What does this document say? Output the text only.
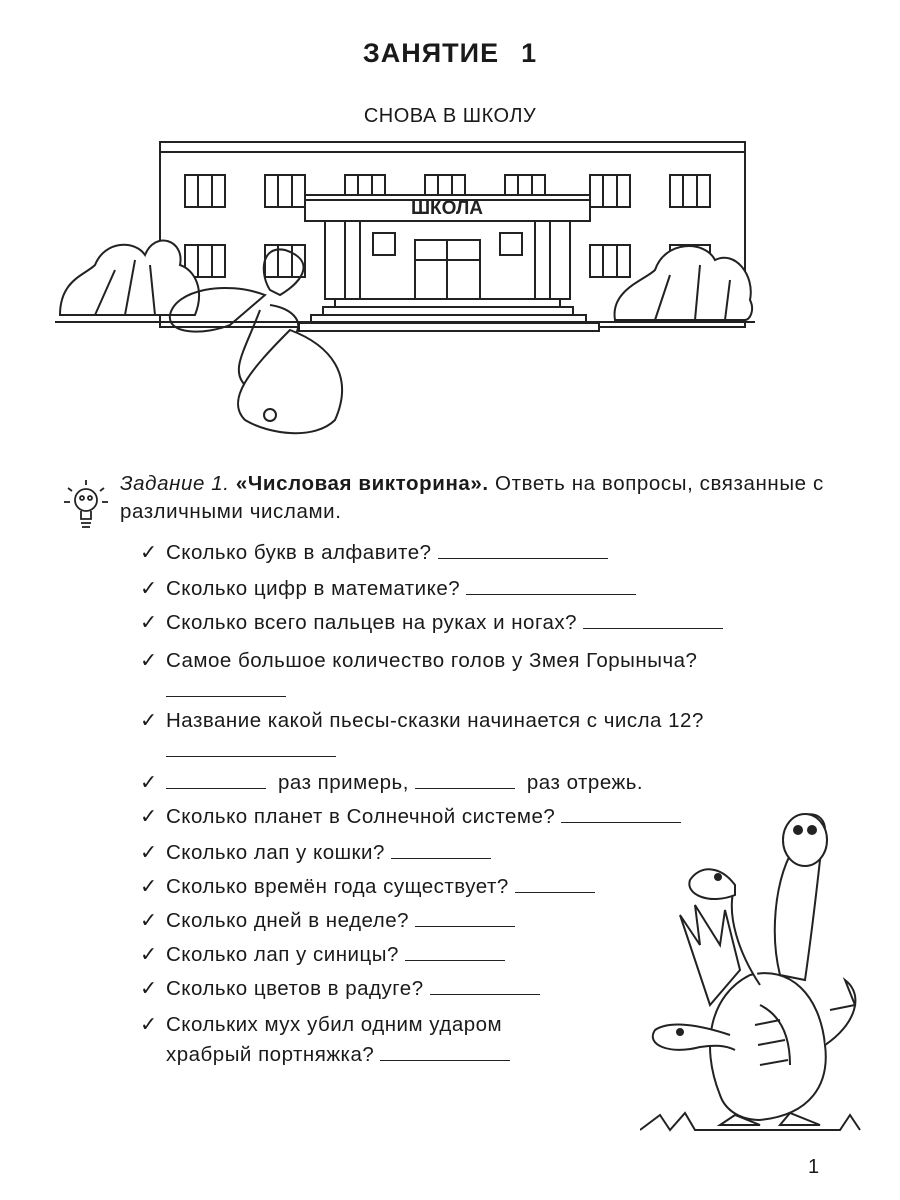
ЗАНЯТИЕ 1
СНОВА В ШКОЛУ
ШКОЛА
Задание 1. «Числовая викторина». Ответь на вопросы, связанные с различными числами.
✓ Сколько букв в алфавите?
✓ Сколько цифр в математике?
✓ Сколько всего пальцев на руках и ногах?
✓ Самое большое количество голов у Змея Горыныча?

✓ Название какой пьесы-сказки начинается с числа 12?

✓	раз примерь,	раз отрежь.
✓ Сколько планет в Солнечной системе?
✓ Сколько лап у кошки?
✓ Сколько времён года существует?
✓ Сколько дней в неделе?
✓ Сколько лап у синицы?
✓ Сколько цветов в радуге?
✓ Скольких мух убил одним ударом
храбрый портняжка?
1
